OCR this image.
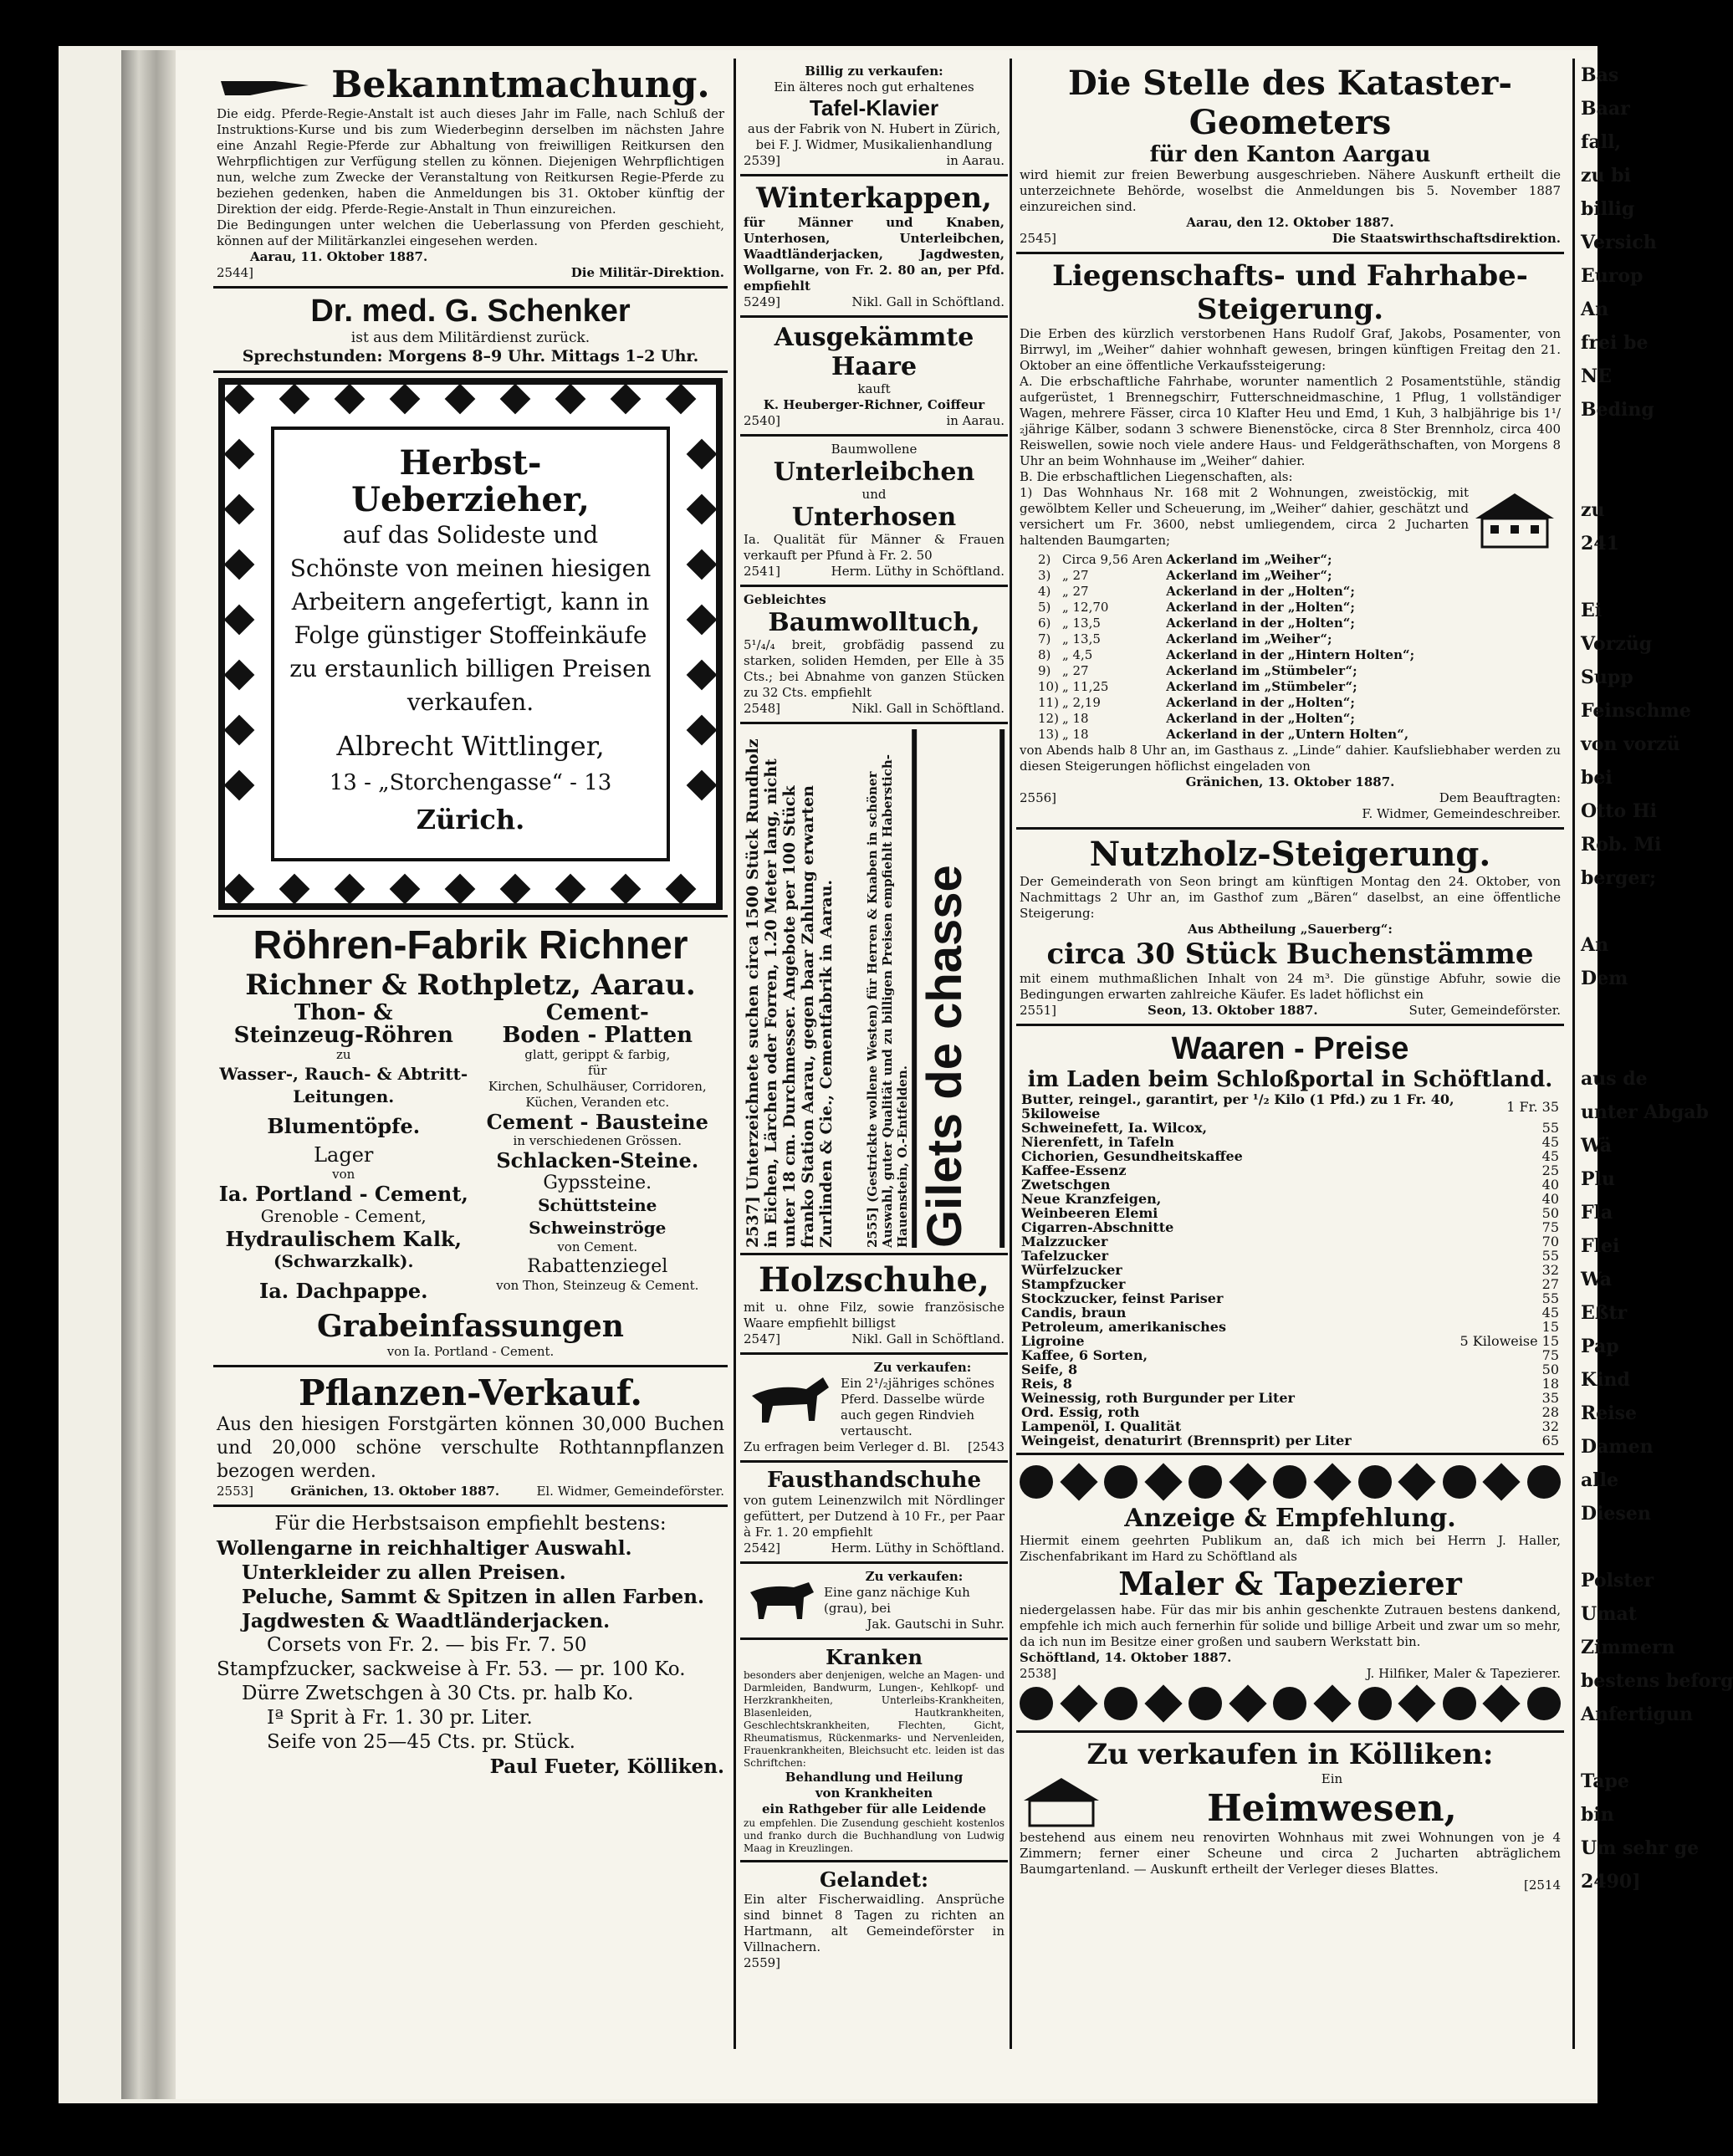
Bekanntmachung.
Die eidg. Pferde-Regie-Anstalt ist auch dieses Jahr im Falle, nach Schluß der Instruktions-Kurse und bis zum Wiederbeginn derselben im nächsten Jahre eine Anzahl Regie-Pferde zur Abhaltung von freiwilligen Reitkursen den Wehrpflichtigen zur Verfügung stellen zu können. Diejenigen Wehrpflichtigen nun, welche zum Zwecke der Veranstaltung von Reitkursen Regie-Pferde zu beziehen gedenken, haben die Anmeldungen bis 31. Oktober künftig der Direktion der eidg. Pferde-Regie-Anstalt in Thun einzureichen.
Die Bedingungen unter welchen die Ueberlassung von Pferden geschieht, können auf der Militärkanzlei eingesehen werden.
Aarau, 11. Oktober 1887.
2544]	Die Militär-Direktion.
Dr. med. G. Schenker
ist aus dem Militärdienst zurück.
Sprechstunden: Morgens 8–9 Uhr. Mittags 1–2 Uhr.
Herbst-Ueberzieher,
auf das Solideste und Schönste von meinen hiesigen Arbeitern angefertigt, kann in Folge günstiger Stoffeinkäufe zu erstaunlich billigen Preisen verkaufen.
Albrecht Wittlinger,
13 - „Storchengasse“ - 13
Zürich.
Röhren-Fabrik Richner
Richner & Rothpletz, Aarau.
Thon- &
Steinzeug-Röhren
zu
Wasser-, Rauch- & Abtritt-Leitungen.
Blumentöpfe.
Lager
von
Ia. Portland - Cement,
Grenoble - Cement,
Hydraulischem Kalk,
(Schwarzkalk).
Ia. Dachpappe.
Cement-
Boden - Platten
glatt, gerippt & farbig,
für
Kirchen, Schulhäuser, Corridoren, Küchen, Veranden etc.
Cement - Bausteine
in verschiedenen Grössen.
Schlacken-Steine.
Gypssteine.
Schüttsteine
Schweinströge
von Cement.
Rabattenziegel
von Thon, Steinzeug & Cement.
Grabeinfassungen
von Ia. Portland - Cement.
Pflanzen-Verkauf.
Aus den hiesigen Forstgärten können 30,000 Buchen und 20,000 schöne verschulte Rothtannpflanzen bezogen werden.
2553]	Gränichen, 13. Oktober 1887.	El. Widmer, Gemeindeförster.
Für die Herbstsaison empfiehlt bestens:
Wollengarne in reichhaltiger Auswahl.
Unterkleider zu allen Preisen.
Peluche, Sammt & Spitzen in allen Farben.
Jagdwesten & Waadtländerjacken.
Corsets von Fr. 2. — bis Fr. 7. 50
Stampfzucker, sackweise à Fr. 53. — pr. 100 Ko.
Dürre Zwetschgen à 30 Cts. pr. halb Ko.
Iª Sprit à Fr. 1. 30 pr. Liter.
Seife von 25—45 Cts. pr. Stück.
Paul Fueter, Kölliken.
Billig zu verkaufen:
Ein älteres noch gut erhaltenes
Tafel-Klavier
aus der Fabrik von N. Hubert in Zürich, bei F. J. Widmer, Musikalienhandlung
2539]	in Aarau.
Winterkappen,
für Männer und Knaben, Unterhosen, Unterleibchen, Waadtländerjacken, Jagdwesten, Wollgarne, von Fr. 2. 80 an, per Pfd. empfiehlt
5249]	Nikl. Gall in Schöftland.
Ausgekämmte Haare
kauft
K. Heuberger-Richner, Coiffeur
2540]	in Aarau.
Baumwollene
Unterleibchen
und
Unterhosen
Ia. Qualität für Männer & Frauen verkauft per Pfund à Fr. 2. 50
2541]	Herm. Lüthy in Schöftland.
Gebleichtes
Baumwolltuch,
5¹/₄/₄ breit, grobfädig passend zu starken, soliden Hemden, per Elle à 35 Cts.; bei Abnahme von ganzen Stücken zu 32 Cts. empfiehlt
2548]	Nikl. Gall in Schöftland.
2537] Unterzeichnete suchen circa 1500 Stück Rundholz in Eichen, Lärchen oder Forren, 1.20 Meter lang, nicht unter 18 cm. Durchmesser. Angebote per 100 Stück franko Station Aarau, gegen baar Zahlung erwarten Zurlinden & Cie., Cementfabrik in Aarau.	2555] (Gestrickte wollene Westen) für Herren & Knaben in schöner Auswahl, guter Qualität und zu billigen Preisen empfiehlt Haberstich-Hauenstein, O.-Entfelden. Gilets de chasse
Holzschuhe,
mit u. ohne Filz, sowie französische Waare empfiehlt billigst
2547]	Nikl. Gall in Schöftland.
Zu verkaufen:
Ein 2¹/₂jähriges schönes Pferd. Dasselbe würde auch gegen Rindvieh vertauscht.
Zu erfragen beim Verleger d. Bl. [2543
Fausthandschuhe
von gutem Leinenzwilch mit Nördlinger gefüttert, per Dutzend à 10 Fr., per Paar à Fr. 1. 20 empfiehlt
2542]	Herm. Lüthy in Schöftland.
Zu verkaufen:
Eine ganz nächige Kuh (grau), bei
Jak. Gautschi in Suhr.
Kranken
besonders aber denjenigen, welche an Magen- und Darmleiden, Bandwurm, Lungen-, Kehlkopf- und Herzkrankheiten, Unterleibs-Krankheiten, Blasenleiden, Hautkrankheiten, Geschlechtskrankheiten, Flechten, Gicht, Rheumatismus, Rückenmarks- und Nervenleiden, Frauenkrankheiten, Bleichsucht etc. leiden ist das Schriftchen:
Behandlung und Heilung
von Krankheiten
ein Rathgeber für alle Leidende
zu empfehlen. Die Zusendung geschieht kostenlos und franko durch die Buchhandlung von Ludwig Maag in Kreuzlingen.
Gelandet:
Ein alter Fischerwaidling. Ansprüche sind binnet 8 Tagen zu richten an Hartmann, alt Gemeindeförster in Villnachern.
2559]
Die Stelle des Kataster-Geometers
für den Kanton Aargau
wird hiemit zur freien Bewerbung ausgeschrieben. Nähere Auskunft ertheilt die unterzeichnete Behörde, woselbst die Anmeldungen bis 5. November 1887 einzureichen sind.
Aarau, den 12. Oktober 1887.
2545]	Die Staatswirthschaftsdirektion.
Liegenschafts- und Fahrhabe-Steigerung.
Die Erben des kürzlich verstorbenen Hans Rudolf Graf, Jakobs, Posamenter, von Birrwyl, im „Weiher“ dahier wohnhaft gewesen, bringen künftigen Freitag den 21. Oktober an eine öffentliche Verkaufssteigerung:
A. Die erbschaftliche Fahrhabe, worunter namentlich 2 Posamentstühle, ständig aufgerüstet, 1 Brennegschirr, Futterschneidmaschine, 1 Pflug, 1 vollständiger Wagen, mehrere Fässer, circa 10 Klafter Heu und Emd, 1 Kuh, 3 halbjährige bis 1¹/₂jährige Kälber, sodann 3 schwere Bienenstöcke, circa 8 Ster Brennholz, circa 400 Reiswellen, sowie noch viele andere Haus- und Feldgeräthschaften, von Morgens 8 Uhr an beim Wohnhause im „Weiher“ dahier.
B. Die erbschaftlichen Liegenschaften, als:
1) Das Wohnhaus Nr. 168 mit 2 Wohnungen, zweistöckig, mit gewölbtem Keller und Scheuerung, im „Weiher“ dahier, geschätzt und versichert um Fr. 3600, nebst umliegendem, circa 2 Jucharten haltenden Baumgarten;
2)	Circa 9,56 Aren	Ackerland im „Weiher“;
3)	„ 27	Ackerland im „Weiher“;
4)	„ 27	Ackerland in der „Holten“;
5)	„ 12,70	Ackerland in der „Holten“;
6)	„ 13,5	Ackerland in der „Holten“;
7)	„ 13,5	Ackerland im „Weiher“;
8)	„ 4,5	Ackerland in der „Hintern Holten“;
9)	„ 27	Ackerland im „Stümbeler“;
10)	„ 11,25	Ackerland im „Stümbeler“;
11)	„ 2,19	Ackerland in der „Holten“;
12)	„ 18	Ackerland in der „Holten“;
13)	„ 18	Ackerland in der „Untern Holten“,
von Abends halb 8 Uhr an, im Gasthaus z. „Linde“ dahier. Kaufsliebhaber werden zu diesen Steigerungen höflichst eingeladen von
Gränichen, 13. Oktober 1887.
2556]	Dem Beauftragten:
F. Widmer, Gemeindeschreiber.
Nutzholz-Steigerung.
Der Gemeinderath von Seon bringt am künftigen Montag den 24. Oktober, von Nachmittags 2 Uhr an, im Gasthof zum „Bären“ daselbst, an eine öffentliche Steigerung:
Aus Abtheilung „Sauerberg“:
circa 30 Stück Buchenstämme
mit einem muthmaßlichen Inhalt von 24 m³. Die günstige Abfuhr, sowie die Bedingungen erwarten zahlreiche Käufer. Es ladet höflichst ein
2551]	Seon, 13. Oktober 1887.	Suter, Gemeindeförster.
Waaren - Preise
im Laden beim Schloßportal in Schöftland.
Butter, reingel., garantirt, per ¹/₂ Kilo (1 Pfd.) zu 1 Fr. 40, 5kiloweise	1 Fr. 35
Schweinefett, Ia. Wilcox,	55
Nierenfett, in Tafeln	45
Cichorien, Gesundheitskaffee	45
Kaffee-Essenz	25
Zwetschgen	40
Neue Kranzfeigen,	40
Weinbeeren Elemi	50
Cigarren-Abschnitte	75
Malzzucker	70
Tafelzucker	55
Würfelzucker	32
Stampfzucker	27
Stockzucker, feinst Pariser	55
Candis, braun	45
Petroleum, amerikanisches	15
Ligroine	5 Kiloweise 15
Kaffee, 6 Sorten,	75
Seife, 8	50
Reis, 8	18
Weinessig, roth Burgunder per Liter	35
Ord. Essig, roth	28
Lampenöl, I. Qualität	32
Weingeist, denaturirt (Brennsprit) per Liter	65
Anzeige & Empfehlung.
Hiermit einem geehrten Publikum an, daß ich mich bei Herrn J. Haller, Zischenfabrikant im Hard zu Schöftland als
Maler & Tapezierer
niedergelassen habe. Für das mir bis anhin geschenkte Zutrauen bestens dankend, empfehle ich mich auch fernerhin für solide und billige Arbeit und zwar um so mehr, da ich nun im Besitze einer großen und saubern Werkstatt bin.
Schöftland, 14. Oktober 1887.
2538]	J. Hilfiker, Maler & Tapezierer.
Zu verkaufen in Kölliken:
Ein
Heimwesen,
bestehend aus einem neu renovirten Wohnhaus mit zwei Wohnungen von je 4 Zimmern; ferner einer Scheune und circa 2 Jucharten abträglichem Baumgartenland. — Auskunft ertheilt der Verleger dieses Blattes.
[2514
Bas
Baar
fall,
zu bi
billig
Versich
Europ
An
frei be
NE
Beding

zu
241

Ei
Vorzüg
Supp
Feinschme
von vorzü
bei
Otto Hi
Rob. Mi
berger;

An
Dem

aus de
unter Abgab
Wä
Plu
Fla
Flei
Wa
Eßtr
Pap
Kind
Reise
Damen
alle
Diesen

Polster
Umat
Zimmern
bestens beforg
Anfertigun

Tape
bin
Um sehr ge
2490]
